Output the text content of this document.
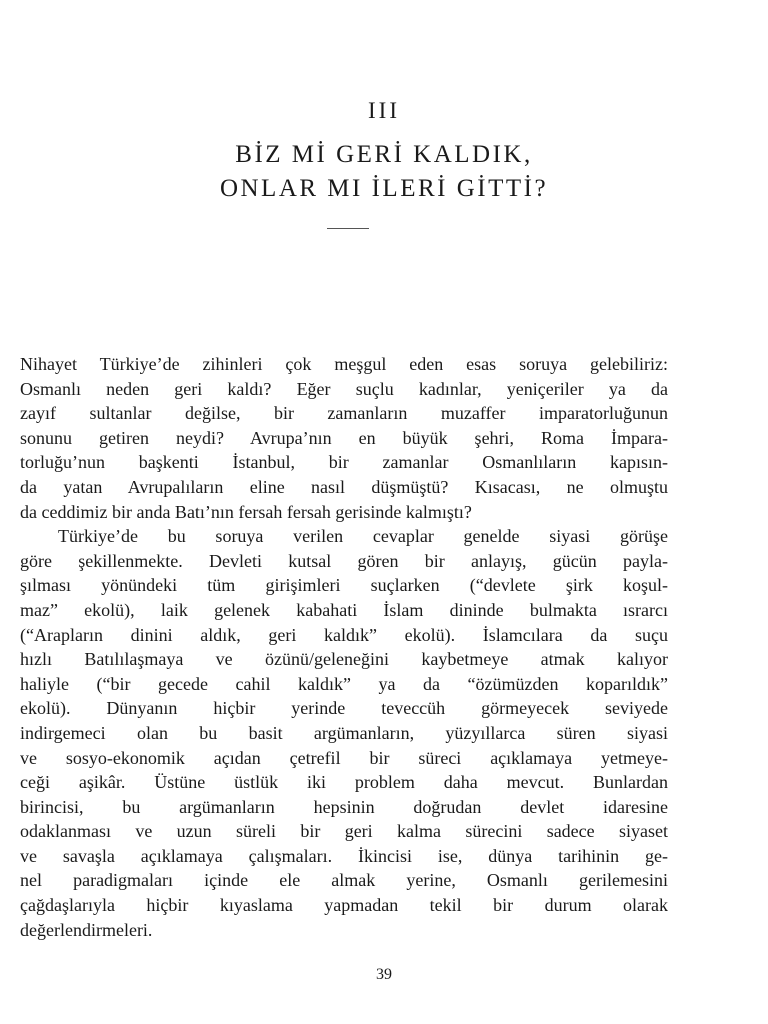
III
BİZ Mİ GERİ KALDIK,
ONLAR MI İLERİ GİTTİ?
Nihayet Türkiye’de zihinleri çok meşgul eden esas soruya gelebiliriz:
Osmanlı neden geri kaldı? Eğer suçlu kadınlar, yeniçeriler ya da
zayıf sultanlar değilse, bir zamanların muzaffer imparatorluğunun
sonunu getiren neydi? Avrupa’nın en büyük şehri, Roma İmpara-
torluğu’nun başkenti İstanbul, bir zamanlar Osmanlıların kapısın-
da yatan Avrupalıların eline nasıl düşmüştü? Kısacası, ne olmuştu
da ceddimiz bir anda Batı’nın fersah fersah gerisinde kalmıştı?
Türkiye’de bu soruya verilen cevaplar genelde siyasi görüşe
göre şekillenmekte. Devleti kutsal gören bir anlayış, gücün payla-
şılması yönündeki tüm girişimleri suçlarken (“devlete şirk koşul-
maz” ekolü), laik gelenek kabahati İslam dininde bulmakta ısrarcı
(“Arapların dinini aldık, geri kaldık” ekolü). İslamcılara da suçu
hızlı Batılılaşmaya ve özünü/geleneğini kaybetmeye atmak kalıyor
haliyle (“bir gecede cahil kaldık” ya da “özümüzden koparıldık”
ekolü). Dünyanın hiçbir yerinde teveccüh görmeyecek seviyede
indirgemeci olan bu basit argümanların, yüzyıllarca süren siyasi
ve sosyo-ekonomik açıdan çetrefil bir süreci açıklamaya yetmeye-
ceği aşikâr. Üstüne üstlük iki problem daha mevcut. Bunlardan
birincisi, bu argümanların hepsinin doğrudan devlet idaresine
odaklanması ve uzun süreli bir geri kalma sürecini sadece siyaset
ve savaşla açıklamaya çalışmaları. İkincisi ise, dünya tarihinin ge-
nel paradigmaları içinde ele almak yerine, Osmanlı gerilemesini
çağdaşlarıyla hiçbir kıyaslama yapmadan tekil bir durum olarak
değerlendirmeleri.
39
